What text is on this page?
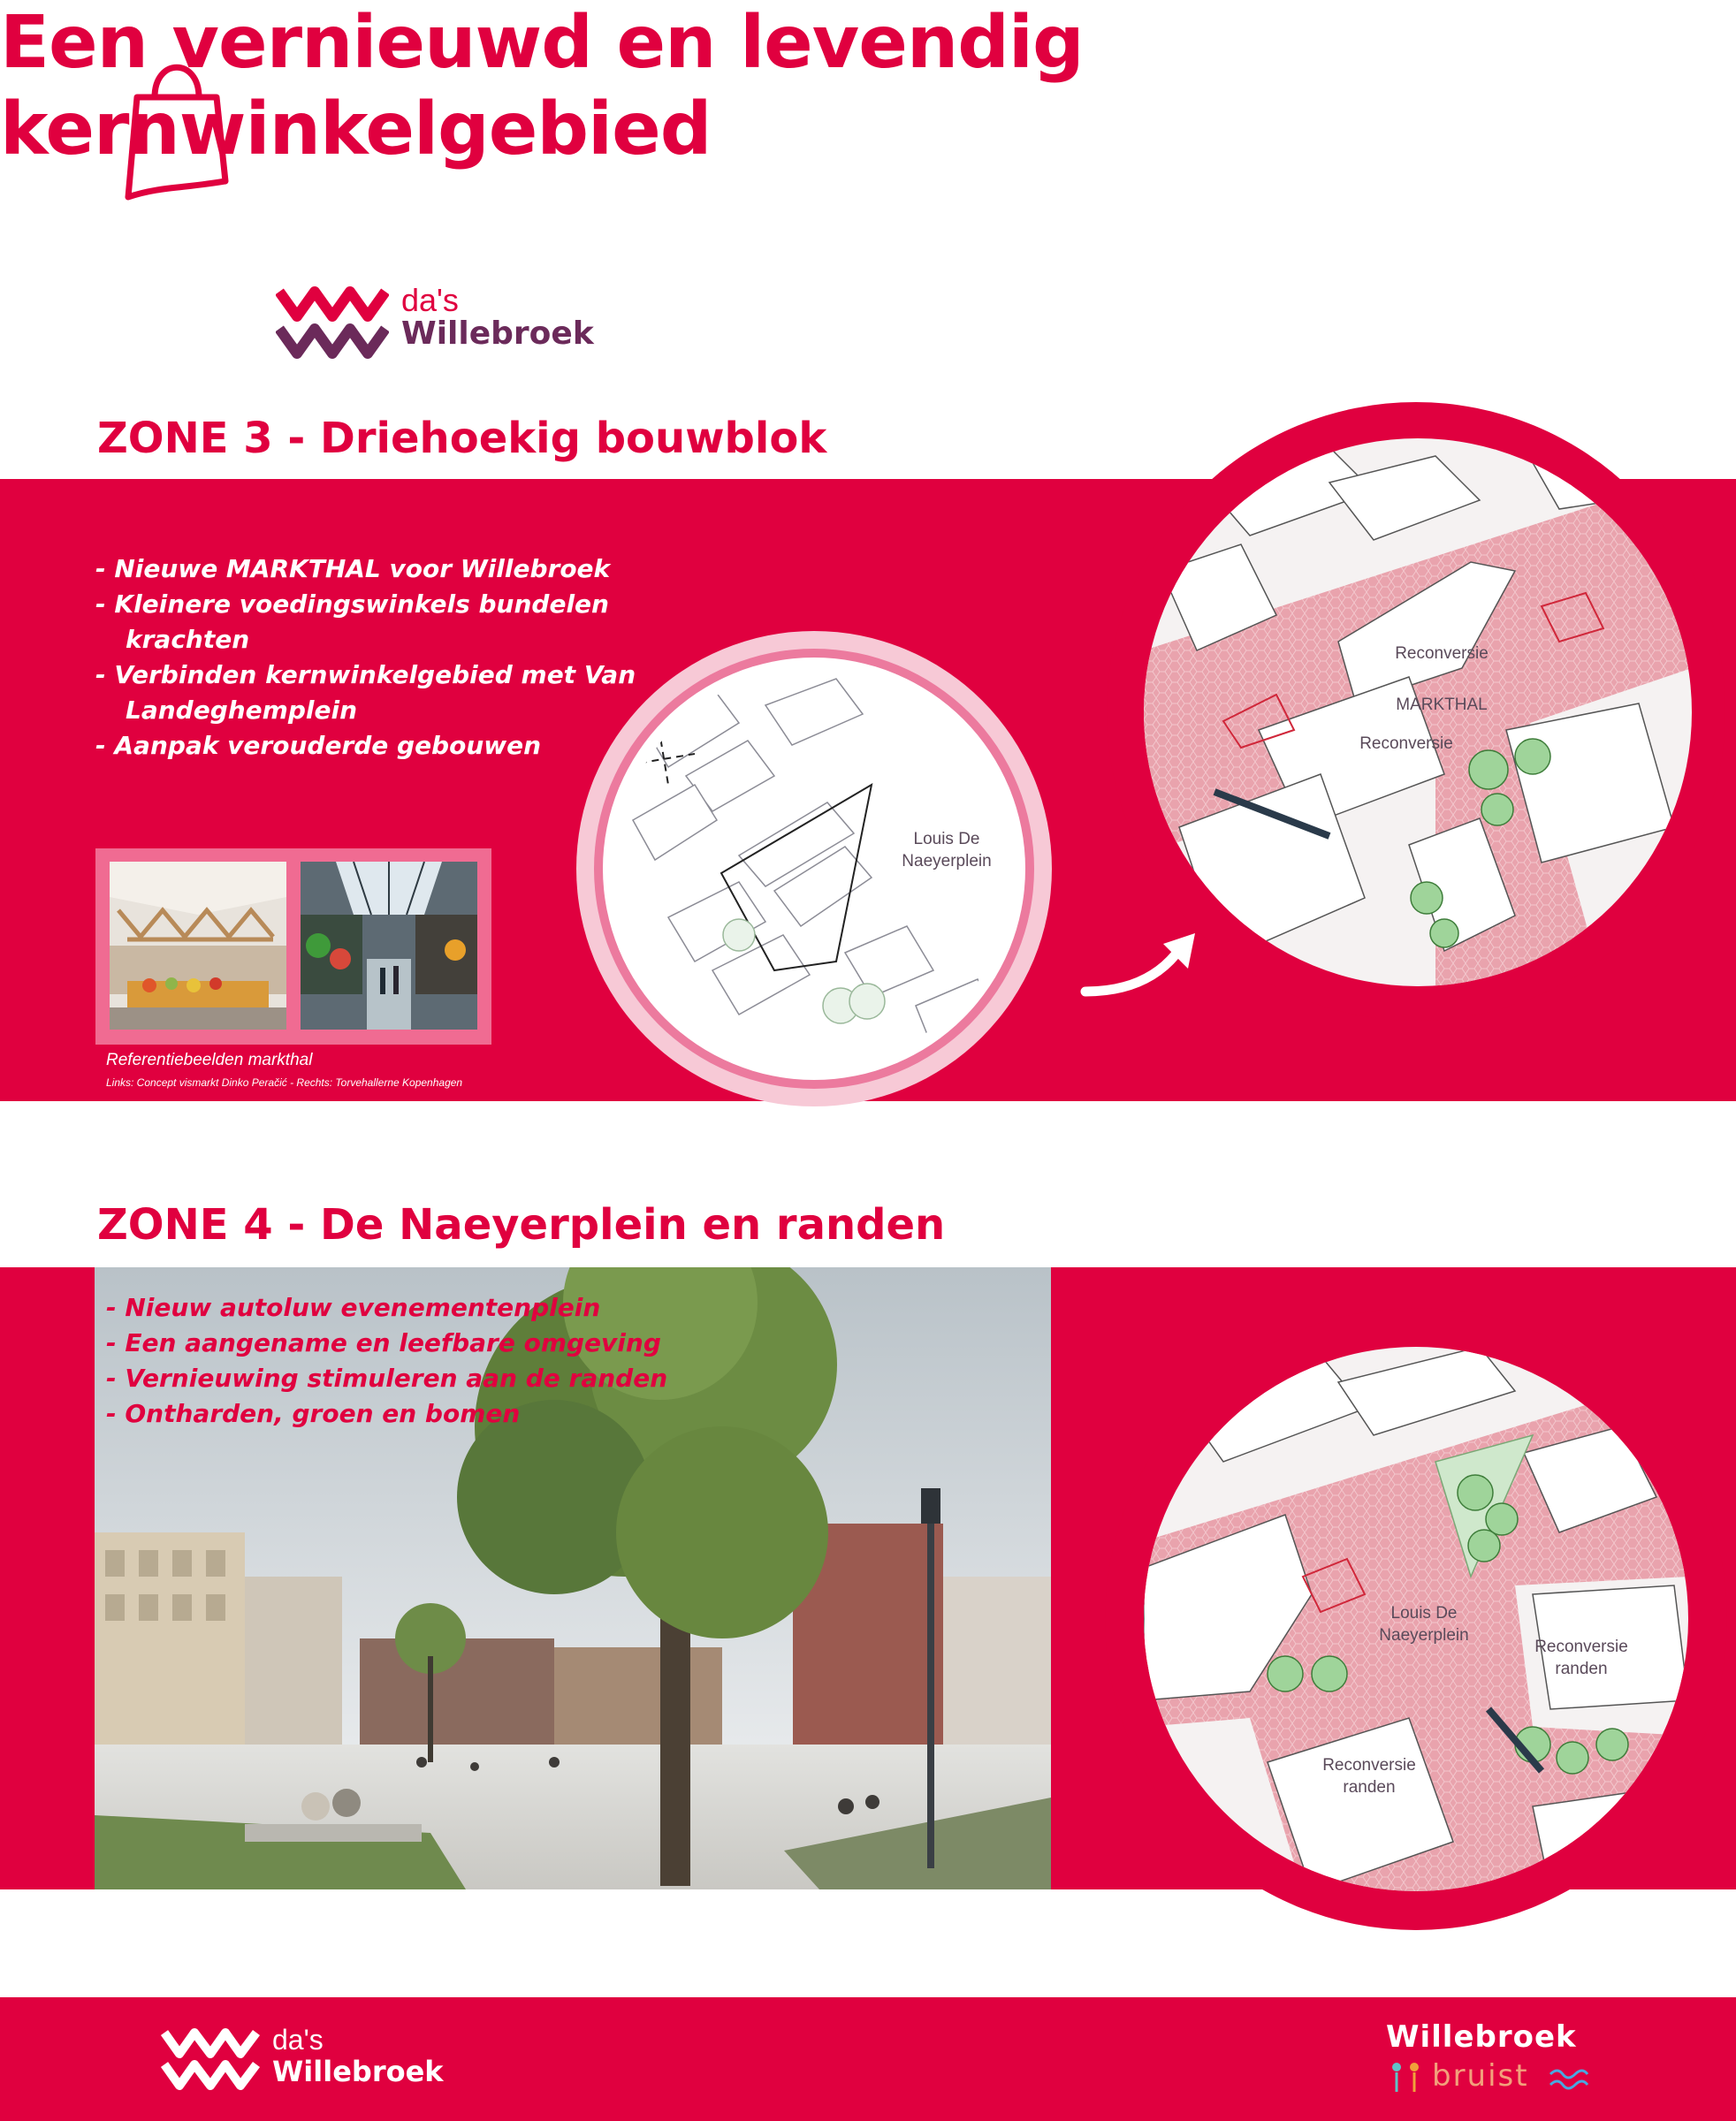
Een vernieuwd en levendig
kernwinkelgebied
da's
Willebroek
ZONE 3 - Driehoekig bouwblok
- Nieuwe MARKTHAL voor Willebroek
- Kleinere voedingswinkels bundelen krachten
- Verbinden kernwinkelgebied met Van Landeghemplein
- Aanpak verouderde gebouwen
Referentiebeelden markthal
Links: Concept vismarkt Dinko Peračić - Rechts: Torvehallerne Kopenhagen
Louis De Naeyerplein
Reconversie
MARKTHAL
Reconversie
ZONE 4 - De Naeyerplein en randen
- Nieuw autoluw evenementenplein
- Een aangename en leefbare omgeving
- Vernieuwing stimuleren aan de randen
- Ontharden, groen en bomen
Louis De Naeyerplein
Reconversie randen
Reconversie randen
da's
Willebroek
Willebroek
bruist
